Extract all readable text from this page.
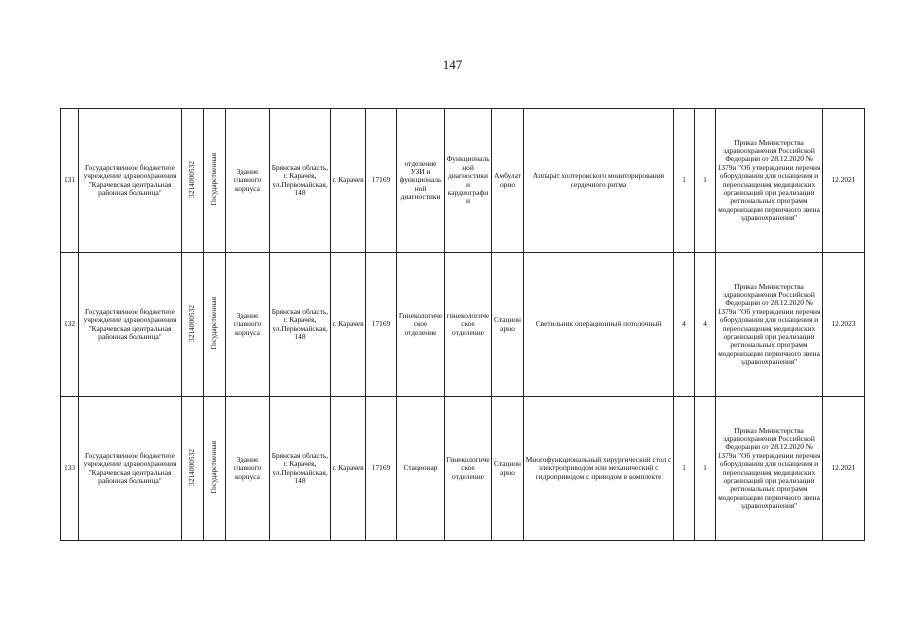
147
131	Государственное бюджетное учреждение здравоохранения "Карачевская центральная районная больница"	3214000532	Государственная	Здание главного корпуса	Брянская область, г. Карачев, ул.Первомайская, 148	г. Карачев	17169	отделение УЗИ и функциональной диагностики	Функциональной диагностики и кардиографии	Амбулаторно	Аппарат холтеровского мониторирования сердечного ритма	1	1	Приказ Министерства здравоохранения Российской Федерации от 28.12.2020 № 1379н "Об утверждении перечня оборудования для оснащения и переоснащения медицинских организаций при реализации региональных программ модернизации первичного звена здравоохранения"	12.2021
132	Государственное бюджетное учреждение здравоохранения "Карачевская центральная районная больница"	3214000532	Государственная	Здание главного корпуса	Брянская область, г. Карачев, ул.Первомайская, 148	г. Карачев	17169	Гинекологическое отделение	гинекологическое отделение	Стационарно	Светильник операционный потолочный	4	4	Приказ Министерства здравоохранения Российской Федерации от 28.12.2020 № 1379н "Об утверждении перечня оборудования для оснащения и переоснащения медицинских организаций при реализации региональных программ модернизации первичного звена здравоохранения"	12.2023
133	Государственное бюджетное учреждение здравоохранения "Карачевская центральная районная больница"	3214000532	Государственная	Здание главного корпуса	Брянская область, г. Карачев, ул.Первомайская, 148	г. Карачев	17169	Стационар	Гинекологическое отделение	Стационарно	Многофункциональный хирургический стол с электроприводом или механический с гидроприводом с приводом в комплекте	1	1	Приказ Министерства здравоохранения Российской Федерации от 28.12.2020 № 1379н "Об утверждении перечня оборудования для оснащения и переоснащения медицинских организаций при реализации региональных программ модернизации первичного звена здравоохранения"	12.2021
